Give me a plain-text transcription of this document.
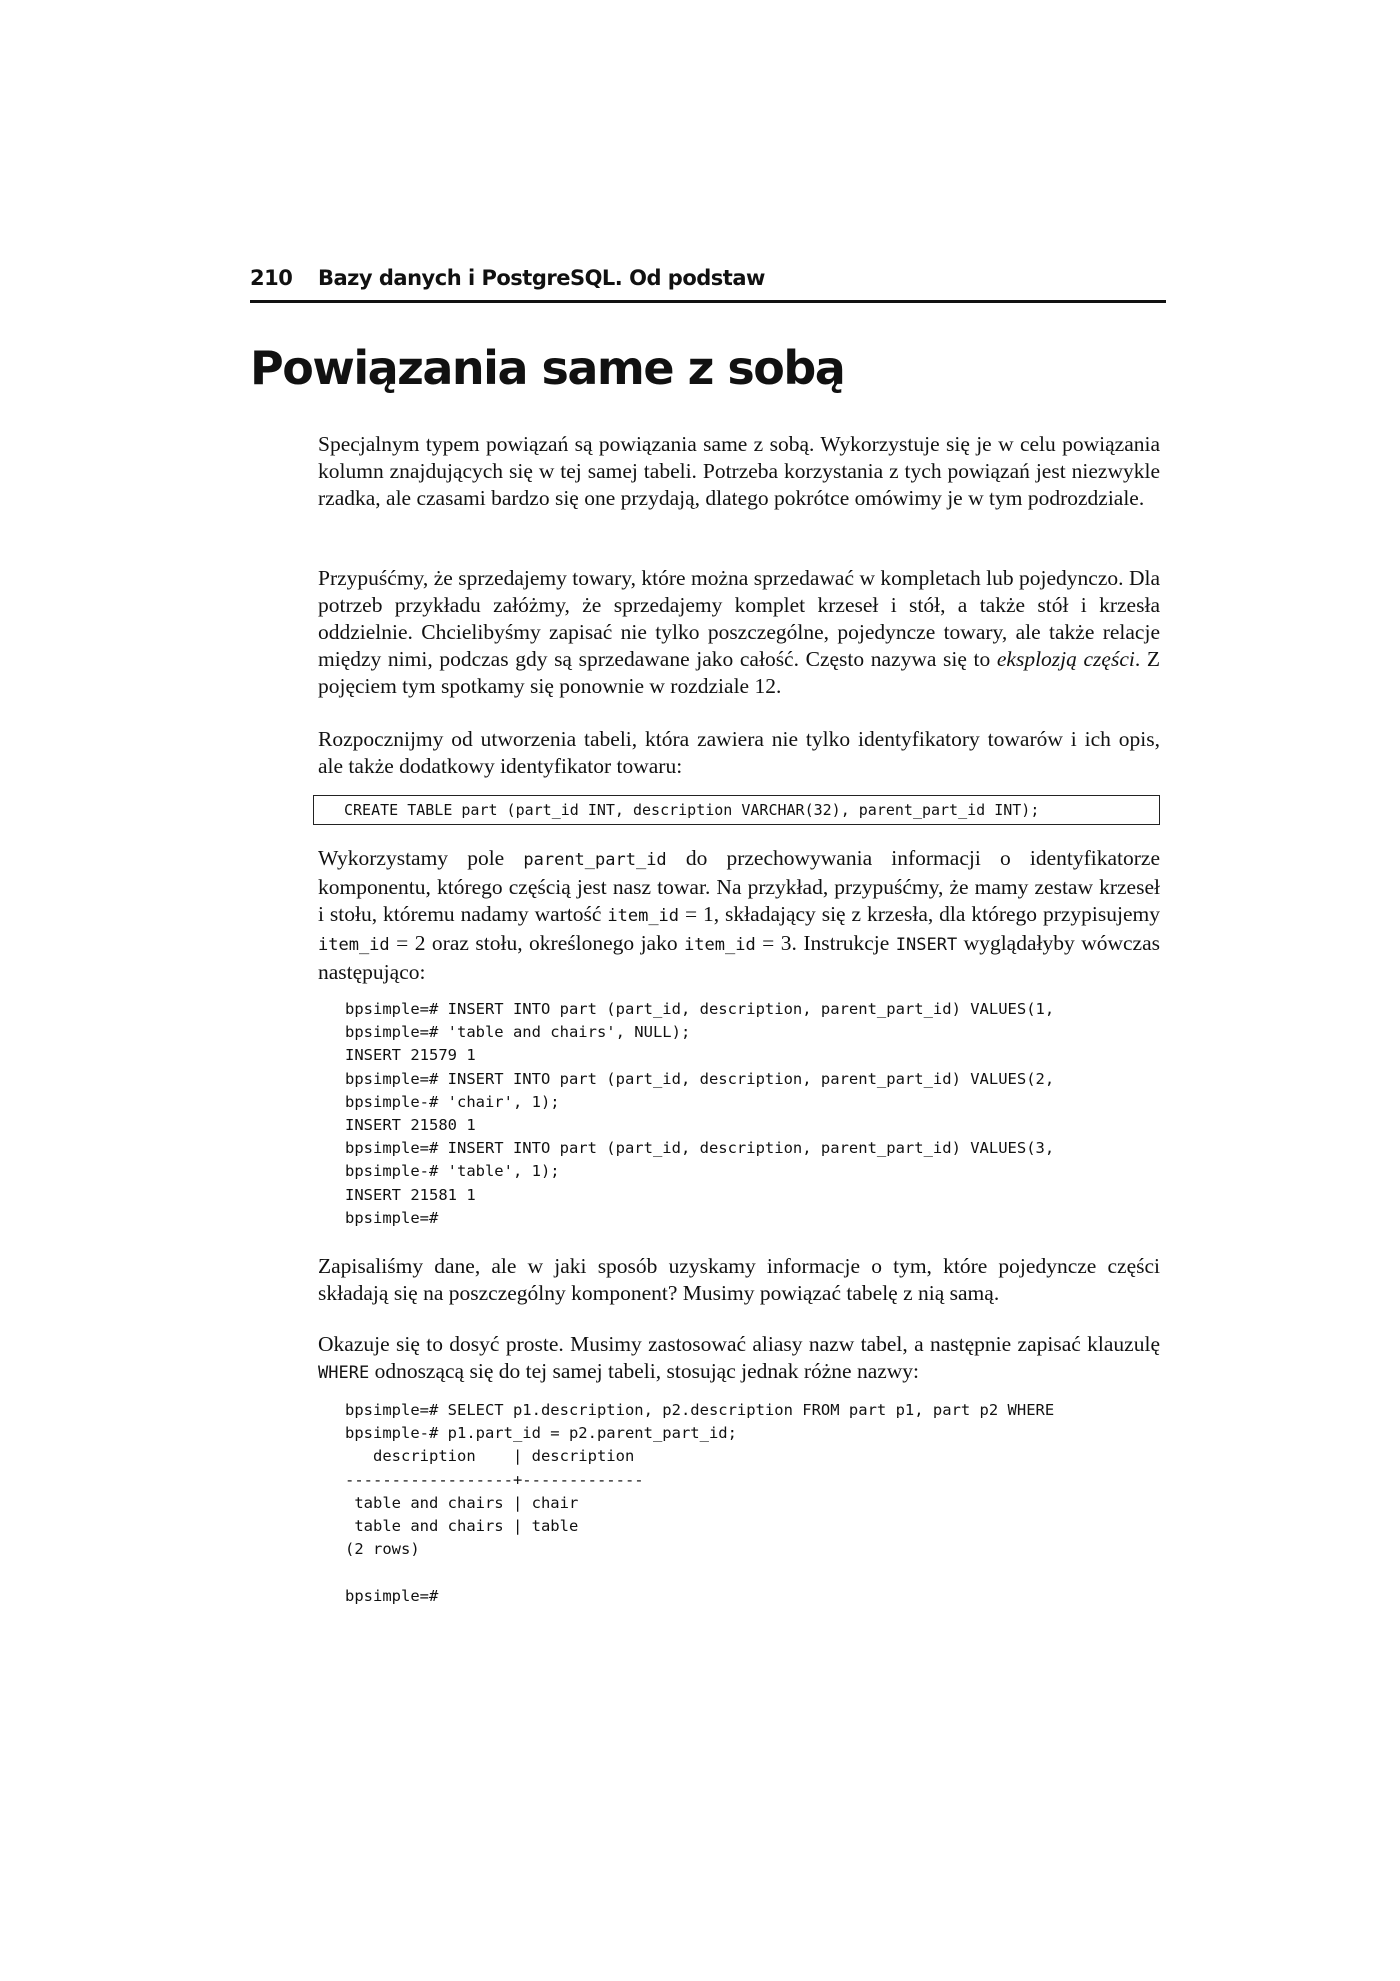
210 Bazy danych i PostgreSQL. Od podstaw
Powiązania same z sobą

Specjalnym typem powiązań są powiązania same z sobą. Wykorzystuje się je w celu powiązania kolumn znajdujących się w tej samej tabeli. Potrzeba korzystania z tych powiązań jest niezwykle rzadka, ale czasami bardzo się one przydają, dlatego pokrótce omówimy je w tym podrozdziale.

Przypuśćmy, że sprzedajemy towary, które można sprzedawać w kompletach lub pojedynczo. Dla potrzeb przykładu załóżmy, że sprzedajemy komplet krzeseł i stół, a także stół i krzesła oddzielnie. Chcielibyśmy zapisać nie tylko poszczególne, pojedyncze towary, ale także relacje między nimi, podczas gdy są sprzedawane jako całość. Często nazywa się to eksplozją części. Z pojęciem tym spotkamy się ponownie w rozdziale 12.

Rozpocznijmy od utworzenia tabeli, która zawiera nie tylko identyfikatory towarów i ich opis, ale także dodatkowy identyfikator towaru:

CREATE TABLE part (part_id INT, description VARCHAR(32), parent_part_id INT);

Wykorzystamy pole parent_part_id do przechowywania informacji o identyfikatorze komponentu, którego częścią jest nasz towar. Na przykład, przypuśćmy, że mamy zestaw krzeseł i stołu, któremu nadamy wartość item_id = 1, składający się z krzesła, dla którego przypisujemy item_id = 2 oraz stołu, określonego jako item_id = 3. Instrukcje INSERT wyglądałyby wówczas następująco:

bpsimple=# INSERT INTO part (part_id, description, parent_part_id) VALUES(1,
bpsimple=# 'table and chairs', NULL);
INSERT 21579 1
bpsimple=# INSERT INTO part (part_id, description, parent_part_id) VALUES(2,
bpsimple-# 'chair', 1);
INSERT 21580 1
bpsimple=# INSERT INTO part (part_id, description, parent_part_id) VALUES(3,
bpsimple-# 'table', 1);
INSERT 21581 1
bpsimple=#

Zapisaliśmy dane, ale w jaki sposób uzyskamy informacje o tym, które pojedyncze części składają się na poszczególny komponent? Musimy powiązać tabelę z nią samą.

Okazuje się to dosyć proste. Musimy zastosować aliasy nazw tabel, a następnie zapisać klauzulę WHERE odnoszącą się do tej samej tabeli, stosując jednak różne nazwy:

bpsimple=# SELECT p1.description, p2.description FROM part p1, part p2 WHERE
bpsimple-# p1.part_id = p2.parent_part_id;
description    | description
------------------+-------------
table and chairs | chair
table and chairs | table
(2 rows)

bpsimple=#
